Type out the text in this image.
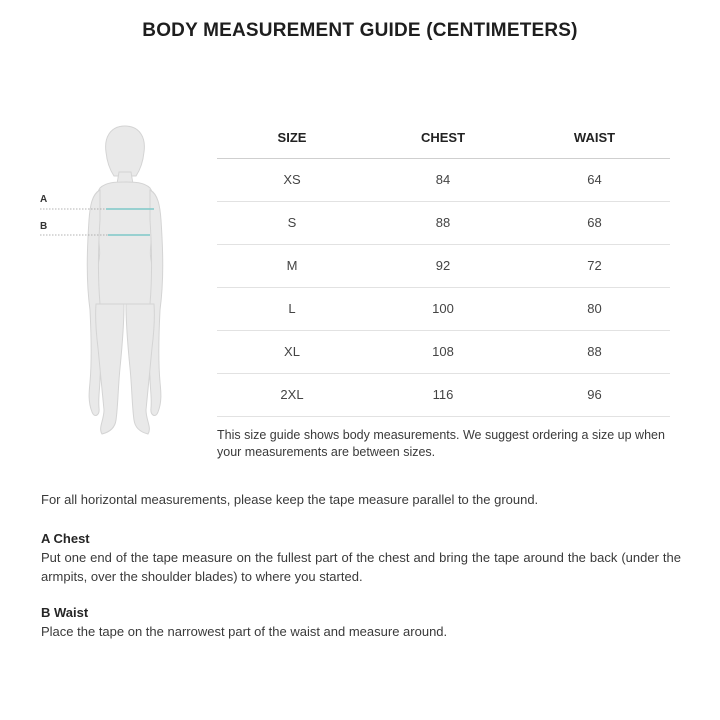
BODY MEASUREMENT GUIDE (CENTIMETERS)
A
B
SIZE	CHEST	WAIST
XS	84	64
S	88	68
M	92	72
L	100	80
XL	108	88
2XL	116	96

This size guide shows body measurements. We suggest ordering a size up when your measurements are between sizes.

For all horizontal measurements, please keep the tape measure parallel to the ground.

A Chest

Put one end of the tape measure on the fullest part of the chest and bring the tape around the back (under the armpits, over the shoulder blades) to where you started.

B Waist

Place the tape on the narrowest part of the waist and measure around.
